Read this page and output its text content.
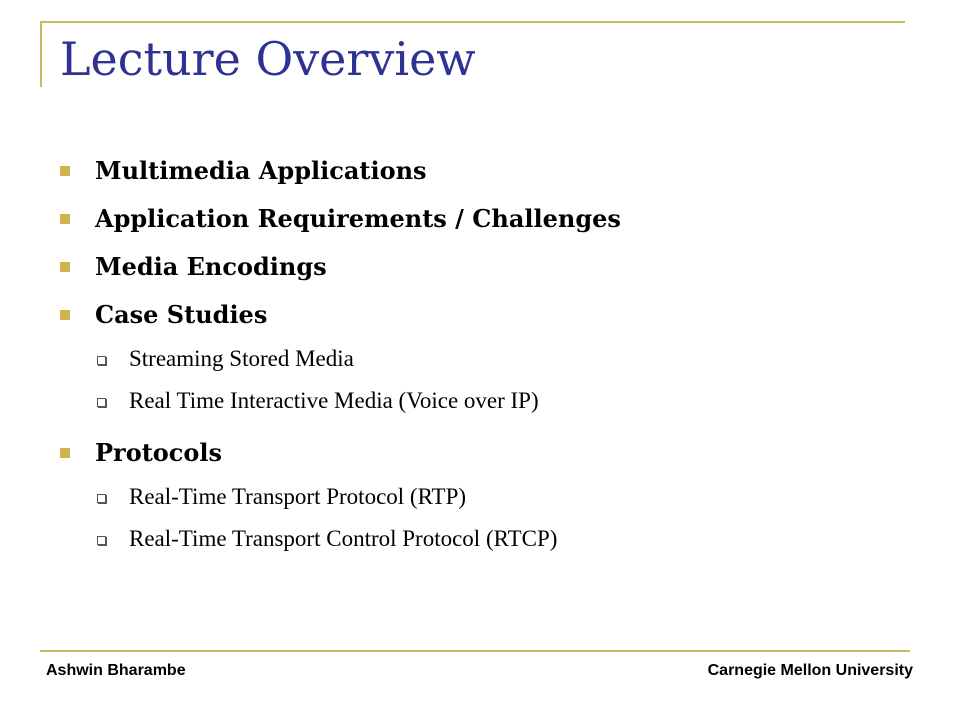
Lecture Overview
Multimedia Applications
Application Requirements / Challenges
Media Encodings
Case Studies
Streaming Stored Media
Real Time Interactive Media (Voice over IP)
Protocols
Real-Time Transport Protocol (RTP)
Real-Time Transport Control Protocol (RTCP)
Ashwin Bharambe	Carnegie Mellon University
